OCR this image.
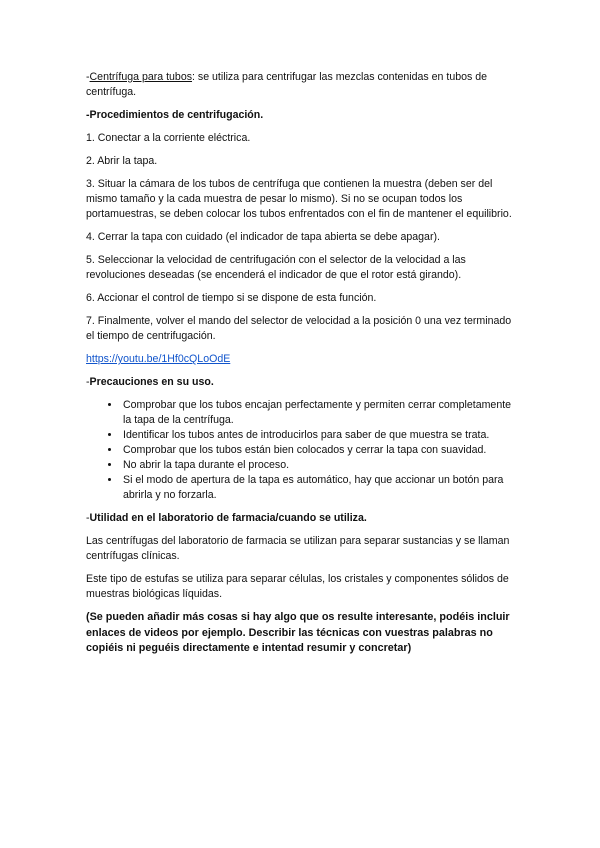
-Centrífuga para tubos: se utiliza para centrifugar las mezclas contenidas en tubos de centrífuga.

-Procedimientos de centrifugación.

1. Conectar a la corriente eléctrica.

2. Abrir la tapa.

3. Situar la cámara de los tubos de centrífuga que contienen la muestra (deben ser del mismo tamaño y la cada muestra de pesar lo mismo). Si no se ocupan todos los portamuestras, se deben colocar los tubos enfrentados con el fin de mantener el equilibrio.

4. Cerrar la tapa con cuidado (el indicador de tapa abierta se debe apagar).

5. Seleccionar la velocidad de centrifugación con el selector de la velocidad a las revoluciones deseadas (se encenderá el indicador de que el rotor está girando).

6. Accionar el control de tiempo si se dispone de esta función.

7. Finalmente, volver el mando del selector de velocidad a la posición 0 una vez terminado el tiempo de centrifugación.

https://youtu.be/1Hf0cQLoOdE

-Precauciones en su uso.

• Comprobar que los tubos encajan perfectamente y permiten cerrar completamente la tapa de la centrífuga.
• Identificar los tubos antes de introducirlos para saber de que muestra se trata.
• Comprobar que los tubos están bien colocados y cerrar la tapa con suavidad.
• No abrir la tapa durante el proceso.
• Si el modo de apertura de la tapa es automático, hay que accionar un botón para abrirla y no forzarla.

-Utilidad en el laboratorio de farmacia/cuando se utiliza.

Las centrífugas del laboratorio de farmacia se utilizan para separar sustancias y se llaman centrífugas clínicas.

Este tipo de estufas se utiliza para separar células, los cristales y componentes sólidos de muestras biológicas líquidas.

(Se pueden añadir más cosas si hay algo que os resulte interesante, podéis incluir enlaces de videos por ejemplo. Describir las técnicas con vuestras palabras no copiéis ni peguéis directamente e intentad resumir y concretar)
